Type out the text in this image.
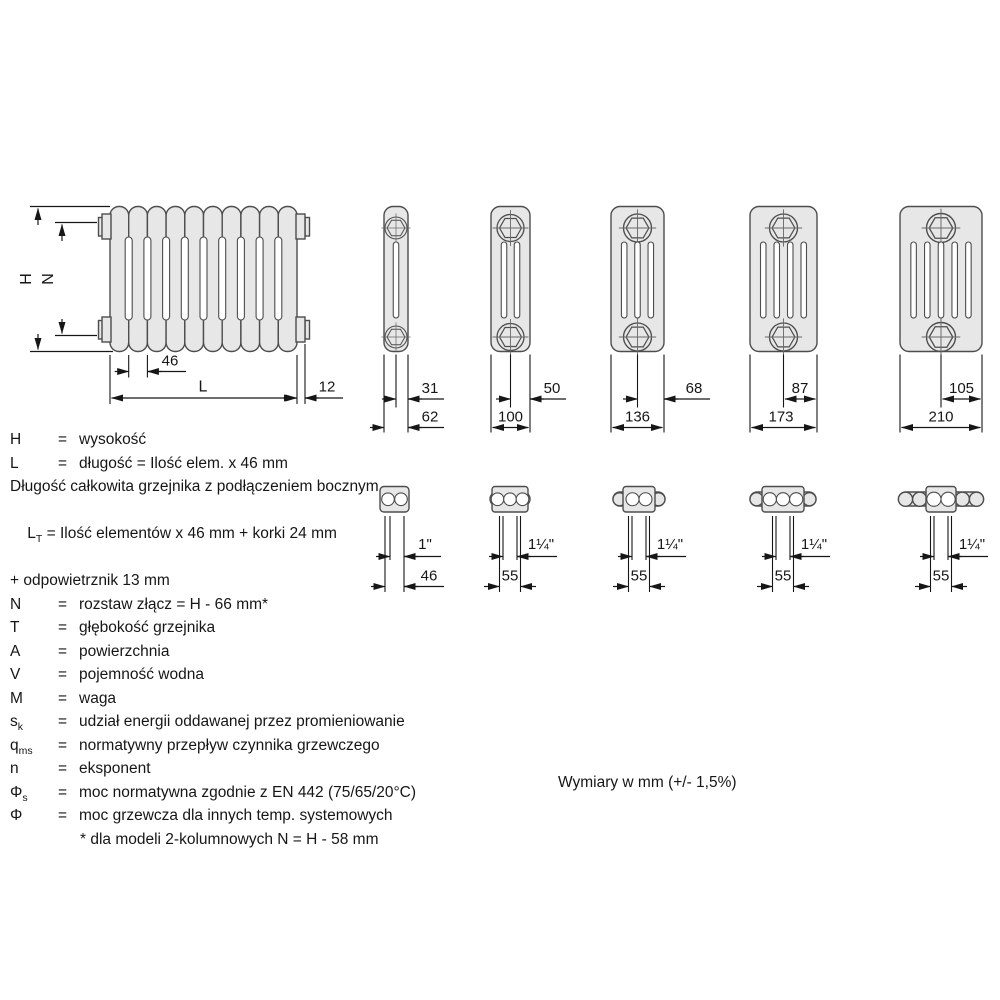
H N
46
L	12	31
62
50
100
68
136
87
173
105
210
1"
46
1¼"
55
1¼"
55
1¼"
55
1¼"
55
H	= wysokość
L	= długość = Ilość elem. x 46 mm
Długość całkowita grzejnika z podłączeniem bocznym

$L_T$ = Ilość elementów x 46 mm + korki 24 mm

+ odpowietrznik 13 mm
N	= rozstaw złącz = H - 66 mm*
T	= głębokość grzejnika
A	= powierzchnia
V	= pojemność wodna
M	= waga
$s_k$	= udział energii oddawanej przez promieniowanie
$q_{ms}$	= normatywny przepływ czynnika grzewczego
n	= eksponent
$\Phi_s$	= moc normatywna zgodnie z EN 442 (75/65/20°C)
Φ	= moc grzewcza dla innych temp. systemowych
* dla modeli 2-kolumnowych N = H - 58 mm
Wymiary w mm (+/- 1,5%)
